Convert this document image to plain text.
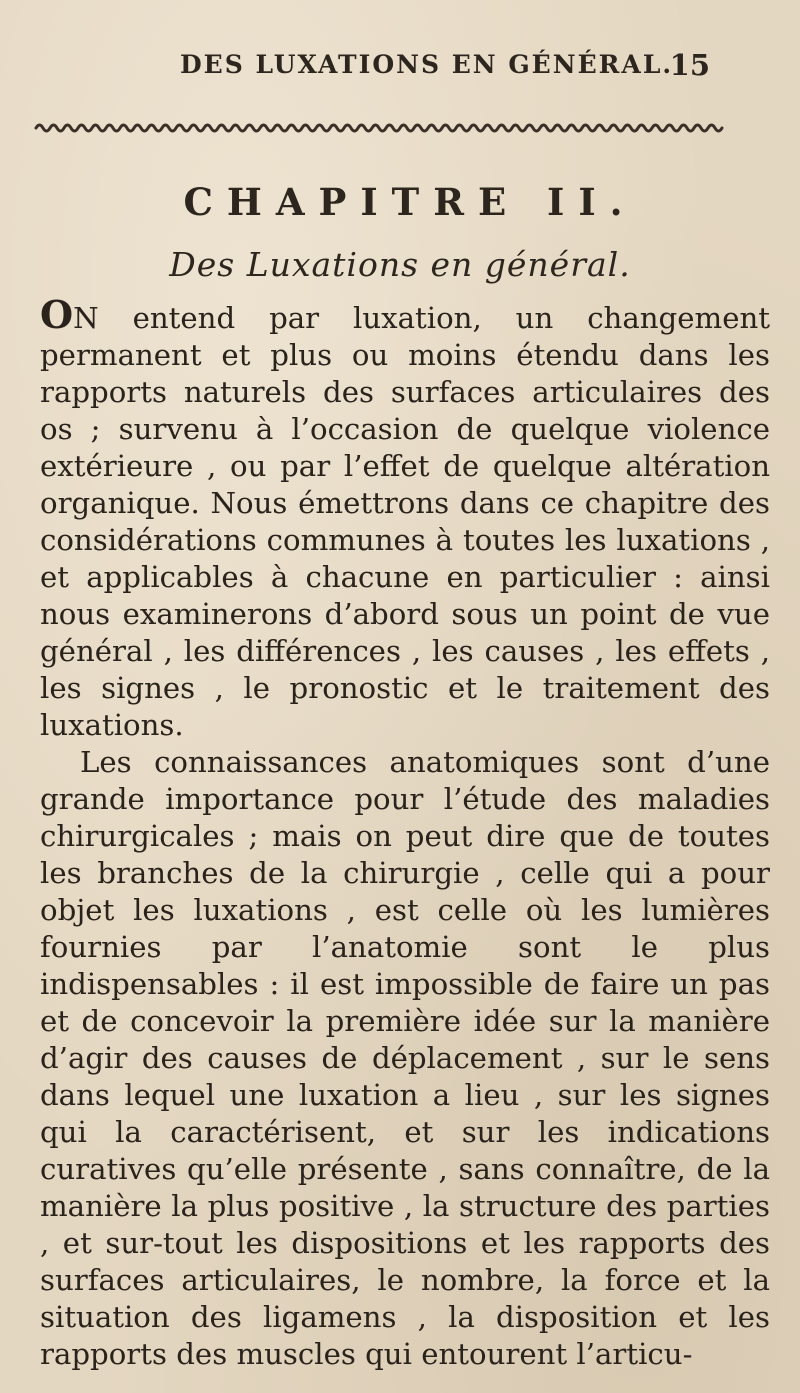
DES LUXATIONS EN GÉNÉRAL.
15
CHAPITRE II.
Des Luxations en général.

ON entend par luxation, un changement permanent et plus ou moins étendu dans les rapports naturels des surfaces articulaires des os ; survenu à l’occasion de quelque violence extérieure , ou par l’effet de quelque altération organique. Nous émettrons dans ce chapitre des considérations communes à toutes les luxations , et applicables à chacune en particulier : ainsi nous examinerons d’abord sous un point de vue général , les différences , les causes , les effets , les signes , le pronostic et le traitement des luxations.

Les connaissances anatomiques sont d’une grande importance pour l’étude des maladies chirurgicales ; mais on peut dire que de toutes les branches de la chirurgie , celle qui a pour objet les luxations , est celle où les lumières fournies par l’anatomie sont le plus indispensables : il est impossible de faire un pas et de concevoir la première idée sur la manière d’agir des causes de déplacement , sur le sens dans lequel une luxation a lieu , sur les signes qui la caractérisent, et sur les indications curatives qu’elle présente , sans connaître, de la manière la plus positive , la structure des parties , et sur-tout les dispositions et les rapports des surfaces articulaires, le nombre, la force et la situation des ligamens , la disposition et les rapports des muscles qui entourent l’articu-
